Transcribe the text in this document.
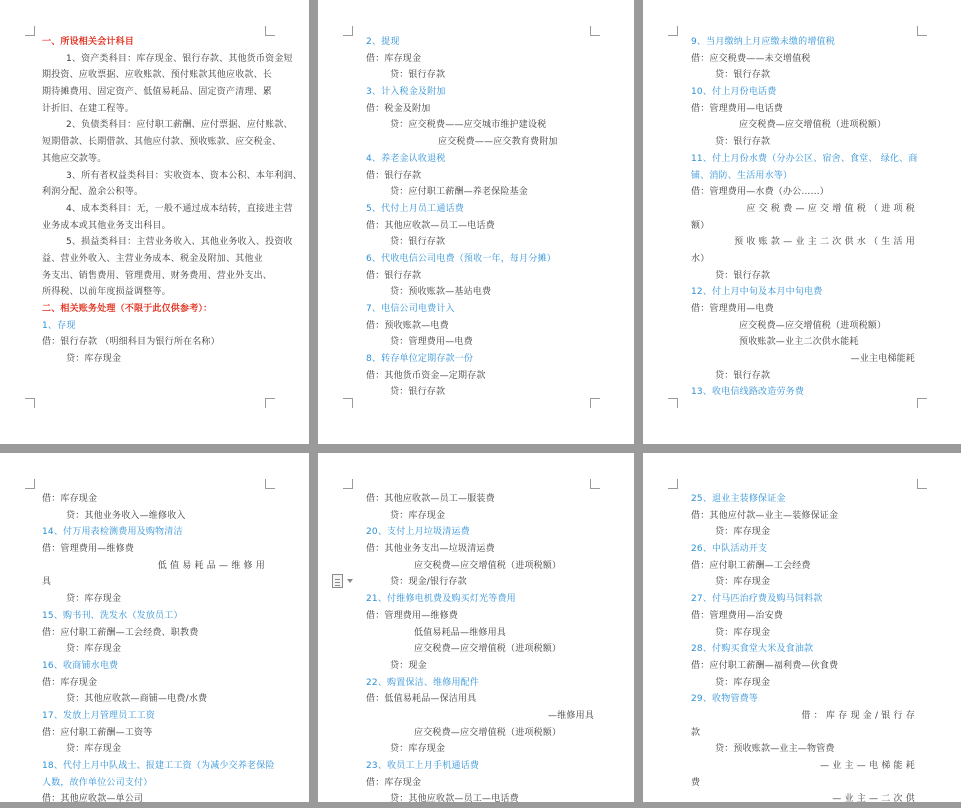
一、所设相关会计科目
1、资产类科目：库存现金、银行存款、其他货币资金短
期投资、应收票据、应收账款、预付账款其他应收款、长
期待摊费用、固定资产、低值易耗品、固定资产清理、累
计折旧、在建工程等。
2、负债类科目：应付职工薪酬、应付票据、应付账款、
短期借款、长期借款、其他应付款、预收账款、应交税金、
其他应交款等。
3、所有者权益类科目：实收资本、资本公积、本年利润、
利润分配、盈余公积等。
4、成本类科目：无，一般不通过成本结转，直接进主营
业务成本或其他业务支出科目。
5、损益类科目：主营业务收入、其他业务收入、投资收
益、营业外收入、主营业务成本、税金及附加、其他业
务支出、销售费用、管理费用、财务费用、营业外支出、
所得税、以前年度损益调整等。
二、相关账务处理（不限于此仅供参考）：
1、存现
借：银行存款 （明细科目为银行所在名称）
贷：库存现金
2、提现
借：库存现金
贷：银行存款
3、计入税金及附加
借：税金及附加
贷：应交税费——应交城市维护建设税
应交税费——应交教育费附加
4、养老金认收退税
借：银行存款
贷：应付职工薪酬—养老保险基金
5、代付上月员工通话费
借：其他应收款—员工—电话费
贷：银行存款
6、代收电信公司电费（预收一年，每月分摊）
借：银行存款
贷：预收账款—基站电费
7、电信公司电费计入
借：预收账款—电费
贷：管理费用—电费
8、转存单位定期存款一份
借：其他货币资金—定期存款
贷：银行存款
9、当月缴纳上月应缴未缴的增值税
借：应交税费——未交增值税
贷：银行存款
10、付上月份电话费
借：管理费用—电话费
应交税费—应交增值税（进项税额）
贷：银行存款
11、付上月份水费（分办公区、宿舍、食堂、 绿化、商
铺、消防、生活用水等）
借：管理费用—水费（办公……）
应 交 税 费 — 应 交 增 值 税 （ 进 项 税
额）
预 收 账 款 — 业 主 二 次 供 水 （ 生 活 用
水）
贷：银行存款
12、付上月中旬及本月中旬电费
借：管理费用—电费
应交税费—应交增值税（进项税额）
预收账款—业主二次供水能耗
—业主电梯能耗
贷：银行存款
13、收电信线路改造劳务费
借：库存现金
贷：其他业务收入—维修收入
14、付万用表检测费用及购物清洁
借：管理费用—维修费
低 值 易 耗 品 — 维 修 用
具
贷：库存现金
15、购书刊、洗发水（发放员工）
借：应付职工薪酬—工会经费、职教费
贷：库存现金
16、收商铺水电费
借：库存现金
贷：其他应收款—商铺—电费/水费
17、发放上月管理员工工资
借：应付职工薪酬—工资等
贷：库存现金
18、代付上月中队战士、报建工工资（为减少交养老保险
人数，故作单位公司支付）
借：其他应收款—单公司
借：其他应收款—员工—服装费
贷：库存现金
20、支付上月垃圾清运费
借：其他业务支出—垃圾清运费
应交税费—应交增值税（进项税额）
贷：现金/银行存款
21、付维修电机费及购买灯光等费用
借：管理费用—维修费
低值易耗品—维修用具
应交税费—应交增值税（进项税额）
贷：现金
22、购置保洁、维修用配件
借：低值易耗品—保洁用具
—维修用具
应交税费—应交增值税（进项税额）
贷：库存现金
23、收员工上月手机通话费
借：库存现金
贷：其他应收款—员工—电话费
25、退业主装修保证金
借：其他应付款—业主—装修保证金
贷：库存现金
26、中队活动开支
借：应付职工薪酬—工会经费
贷：库存现金
27、付马匹治疗费及购马饲料款
借：管理费用—治安费
贷：库存现金
28、付购买食堂大米及食油款
借：应付职工薪酬—福利费—伙食费
贷：库存现金
29、收物管费等
借 ： 库 存 现 金 / 银 行 存
款
贷：预收账款—业主—物管费
— 业 主 — 电 梯 能 耗
费
— 业 主 — 二 次 供
